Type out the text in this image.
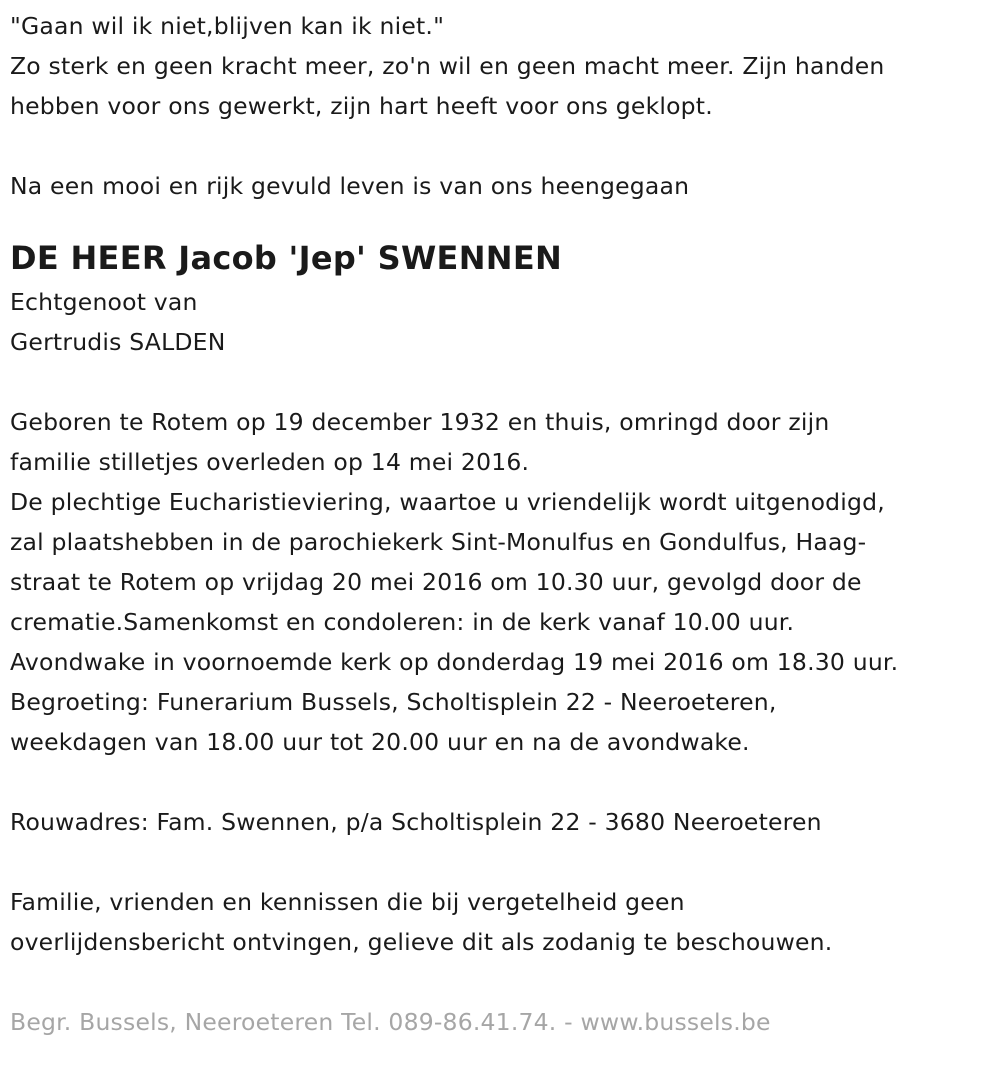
"Gaan wil ik niet,blijven kan ik niet."
Zo sterk en geen kracht meer, zo'n wil en geen macht meer. Zijn handen
hebben voor ons gewerkt, zijn hart heeft voor ons geklopt.
Na een mooi en rijk gevuld leven is van ons heengegaan
DE HEER Jacob 'Jep' SWENNEN
Echtgenoot van
Gertrudis SALDEN
Geboren te Rotem op 19 december 1932 en thuis, omringd door zijn
familie stilletjes overleden op 14 mei 2016.
De plechtige Eucharistieviering, waartoe u vriendelijk wordt uitgenodigd,
zal plaatshebben in de parochiekerk Sint-Monulfus en Gondulfus, Haag-
straat te Rotem op vrijdag 20 mei 2016 om 10.30 uur, gevolgd door de
crematie.Samenkomst en condoleren: in de kerk vanaf 10.00 uur.
Avondwake in voornoemde kerk op donderdag 19 mei 2016 om 18.30 uur.
Begroeting: Funerarium Bussels, Scholtisplein 22 - Neeroeteren,
weekdagen van 18.00 uur tot 20.00 uur en na de avondwake.
Rouwadres: Fam. Swennen, p/a Scholtisplein 22 - 3680 Neeroeteren
Familie, vrienden en kennissen die bij vergetelheid geen
overlijdensbericht ontvingen, gelieve dit als zodanig te beschouwen.
Begr. Bussels, Neeroeteren Tel. 089-86.41.74. - www.bussels.be
